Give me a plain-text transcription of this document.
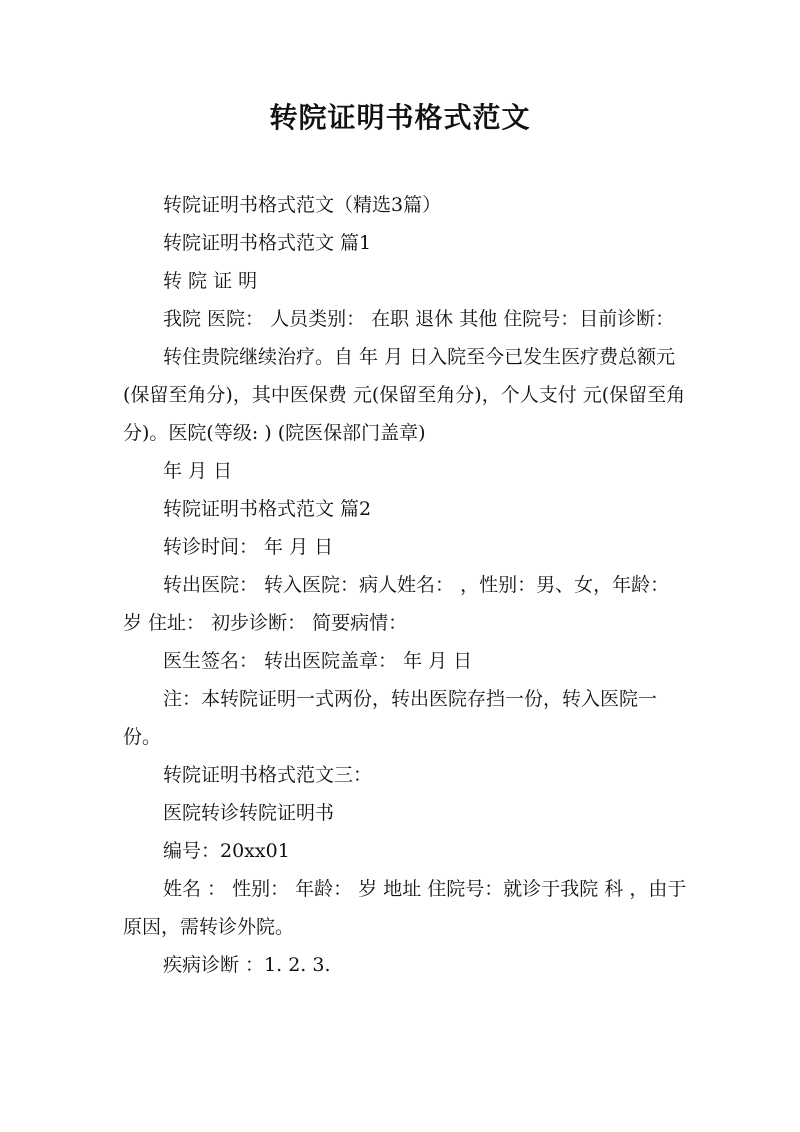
转院证明书格式范文

转院证明书格式范文（精选3篇）

转院证明书格式范文 篇1

转 院 证 明

我院 医院： 人员类别： 在职 退休 其他 住院号：目前诊断：

转住贵院继续治疗。自 年 月 日入院至今已发生医疗费总额元(保留至角分)，其中医保费 元(保留至角分)，个人支付 元(保留至角分)。医院(等级: ) (院医保部门盖章)

年 月 日

转院证明书格式范文 篇2

转诊时间： 年 月 日

转出医院： 转入医院：病人姓名： ，性别：男、女，年龄： 岁 住址： 初步诊断： 简要病情：

医生签名： 转出医院盖章： 年 月 日

注：本转院证明一式两份，转出医院存挡一份，转入医院一份。

转院证明书格式范文三：

医院转诊转院证明书

编号：20xx01

姓名 ： 性别： 年龄： 岁 地址 住院号：就诊于我院 科 ，由于 原因，需转诊外院。

疾病诊断 ：1. 2. 3.
